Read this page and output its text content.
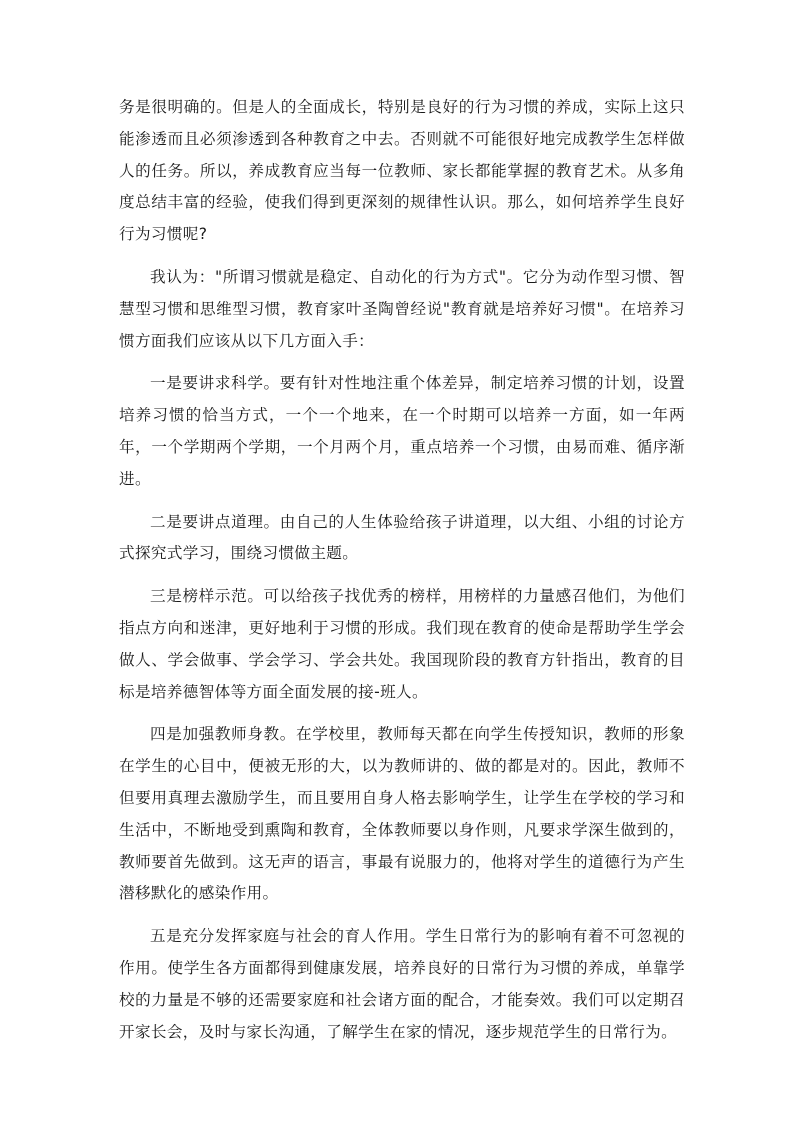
务是很明确的。但是人的全面成长，特别是良好的行为习惯的养成，实际上这只能渗透而且必须渗透到各种教育之中去。否则就不可能很好地完成教学生怎样做人的任务。所以，养成教育应当每一位教师、家长都能掌握的教育艺术。从多角度总结丰富的经验，使我们得到更深刻的规律性认识。那么，如何培养学生良好行为习惯呢?

我认为："所谓习惯就是稳定、自动化的行为方式"。它分为动作型习惯、智慧型习惯和思维型习惯，教育家叶圣陶曾经说"教育就是培养好习惯"。在培养习惯方面我们应该从以下几方面入手：

一是要讲求科学。要有针对性地注重个体差异，制定培养习惯的计划，设置培养习惯的恰当方式，一个一个地来，在一个时期可以培养一方面，如一年两年，一个学期两个学期，一个月两个月，重点培养一个习惯，由易而难、循序渐进。

二是要讲点道理。由自己的人生体验给孩子讲道理，以大组、小组的讨论方式探究式学习，围绕习惯做主题。

三是榜样示范。可以给孩子找优秀的榜样，用榜样的力量感召他们，为他们指点方向和迷津，更好地利于习惯的形成。我们现在教育的使命是帮助学生学会做人、学会做事、学会学习、学会共处。我国现阶段的教育方针指出，教育的目标是培养德智体等方面全面发展的接-班人。

四是加强教师身教。在学校里，教师每天都在向学生传授知识，教师的形象在学生的心目中，便被无形的大，以为教师讲的、做的都是对的。因此，教师不但要用真理去激励学生，而且要用自身人格去影响学生，让学生在学校的学习和生活中，不断地受到熏陶和教育，全体教师要以身作则，凡要求学深生做到的，教师要首先做到。这无声的语言，事最有说服力的，他将对学生的道德行为产生潜移默化的感染作用。

五是充分发挥家庭与社会的育人作用。学生日常行为的影响有着不可忽视的作用。使学生各方面都得到健康发展，培养良好的日常行为习惯的养成，单靠学校的力量是不够的还需要家庭和社会诸方面的配合，才能奏效。我们可以定期召开家长会，及时与家长沟通，了解学生在家的情况，逐步规范学生的日常行为。
